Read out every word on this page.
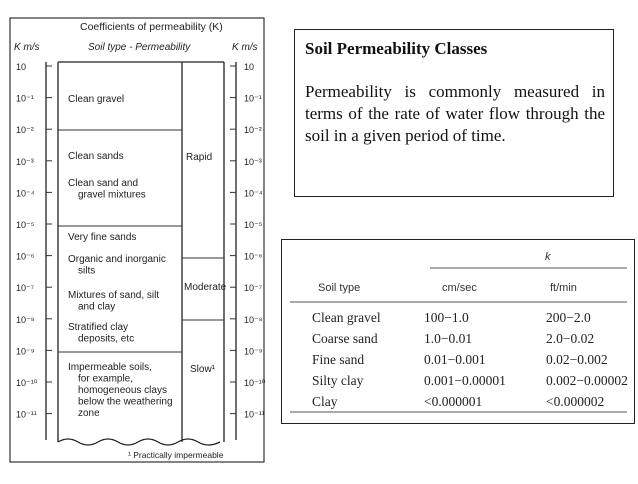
Coefficients of permeability (K)
K m/s	K m/s
Soil type - Permeability
10	10
10⁻¹	10⁻¹
10⁻²	10⁻²
10⁻³	10⁻³
10⁻⁴	10⁻⁴
10⁻⁵	10⁻⁵
10⁻⁶	10⁻⁶
10⁻⁷	10⁻⁷
10⁻⁸	10⁻⁸
10⁻⁹	10⁻⁹
10⁻¹⁰	10⁻¹⁰
10⁻¹¹	10⁻¹¹
Clean gravel
Clean sands
Clean sand and
gravel mixtures
Very fine sands
Organic and inorganic
silts
Mixtures of sand, silt
and clay
Stratified clay
deposits, etc
Impermeable soils,
for example,
homogeneous clays
below the weathering
zone
Rapid
Moderate
Slow¹
¹ Practically impermeable

Soil Permeability Classes

Permeability is commonly measured in terms of the rate of water flow through the soil in a given period of time.

k
Soil type	cm/sec	ft/min
Clean gravel	100−1.0	200−2.0
Coarse sand	1.0−0.01	2.0−0.02
Fine sand	0.01−0.001	0.02−0.002
Silty clay	0.001−0.00001	0.002−0.00002
Clay	<0.000001	<0.000002
